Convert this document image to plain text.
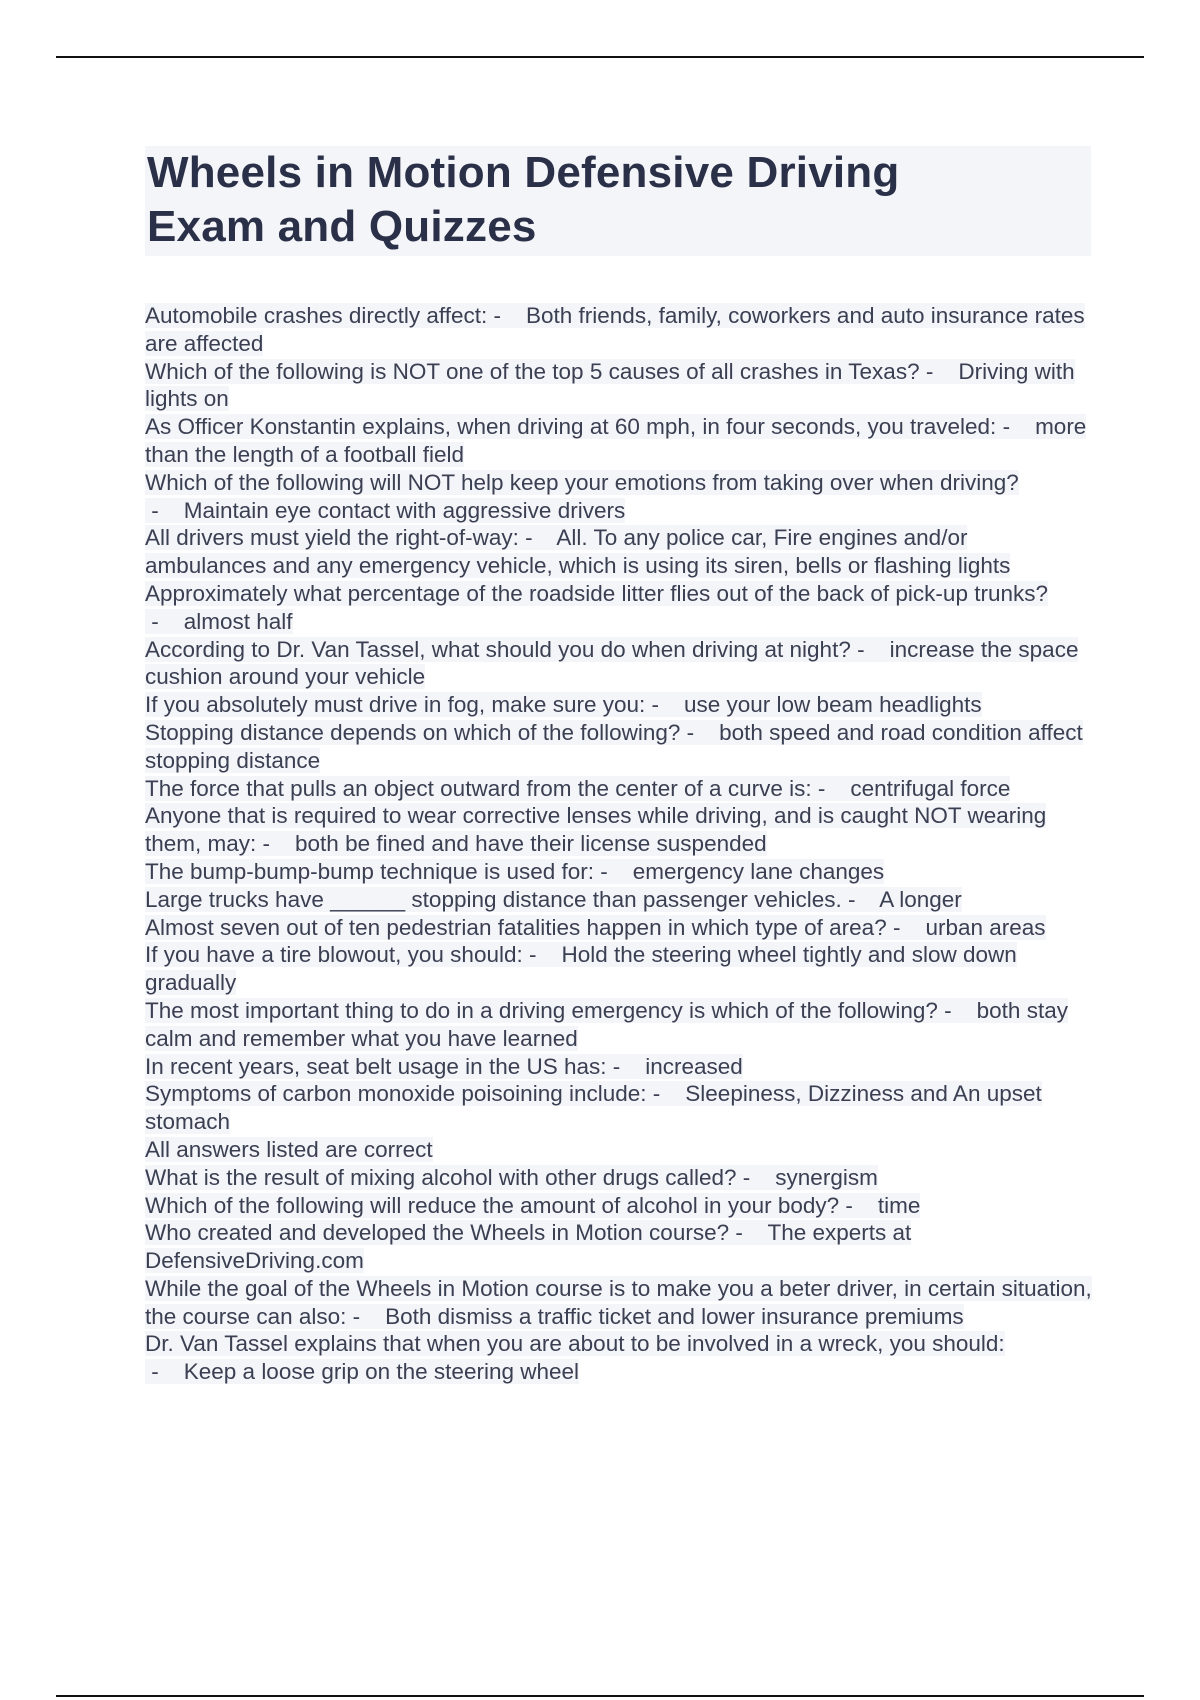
Wheels in Motion Defensive Driving
Exam and Quizzes
Automobile crashes directly affect: -    Both friends, family, coworkers and auto insurance rates are affected
Which of the following is NOT one of the top 5 causes of all crashes in Texas? -    Driving with lights on
As Officer Konstantin explains, when driving at 60 mph, in four seconds, you traveled: -    more than the length of a football field
Which of the following will NOT help keep your emotions from taking over when driving? -    Maintain eye contact with aggressive drivers
All drivers must yield the right-of-way: -    All. To any police car, Fire engines and/or ambulances and any emergency vehicle, which is using its siren, bells or flashing lights
Approximately what percentage of the roadside litter flies out of the back of pick-up trunks? -    almost half
According to Dr. Van Tassel, what should you do when driving at night? -    increase the space cushion around your vehicle
If you absolutely must drive in fog, make sure you: -    use your low beam headlights
Stopping distance depends on which of the following? -    both speed and road condition affect stopping distance
The force that pulls an object outward from the center of a curve is: -    centrifugal force
Anyone that is required to wear corrective lenses while driving, and is caught NOT wearing them, may: -    both be fined and have their license suspended
The bump-bump-bump technique is used for: -    emergency lane changes
Large trucks have ______ stopping distance than passenger vehicles. -    A longer
Almost seven out of ten pedestrian fatalities happen in which type of area? -    urban areas
If you have a tire blowout, you should: -    Hold the steering wheel tightly and slow down gradually
The most important thing to do in a driving emergency is which of the following? -    both stay calm and remember what you have learned
In recent years, seat belt usage in the US has: -    increased
Symptoms of carbon monoxide poisoining include: -    Sleepiness, Dizziness and An upset stomach
All answers listed are correct
What is the result of mixing alcohol with other drugs called? -    synergism
Which of the following will reduce the amount of alcohol in your body? -    time
Who created and developed the Wheels in Motion course? -    The experts at DefensiveDriving.com
While the goal of the Wheels in Motion course is to make you a beter driver, in certain situation, the course can also: -    Both dismiss a traffic ticket and lower insurance premiums
Dr. Van Tassel explains that when you are about to be involved in a wreck, you should: -    Keep a loose grip on the steering wheel
